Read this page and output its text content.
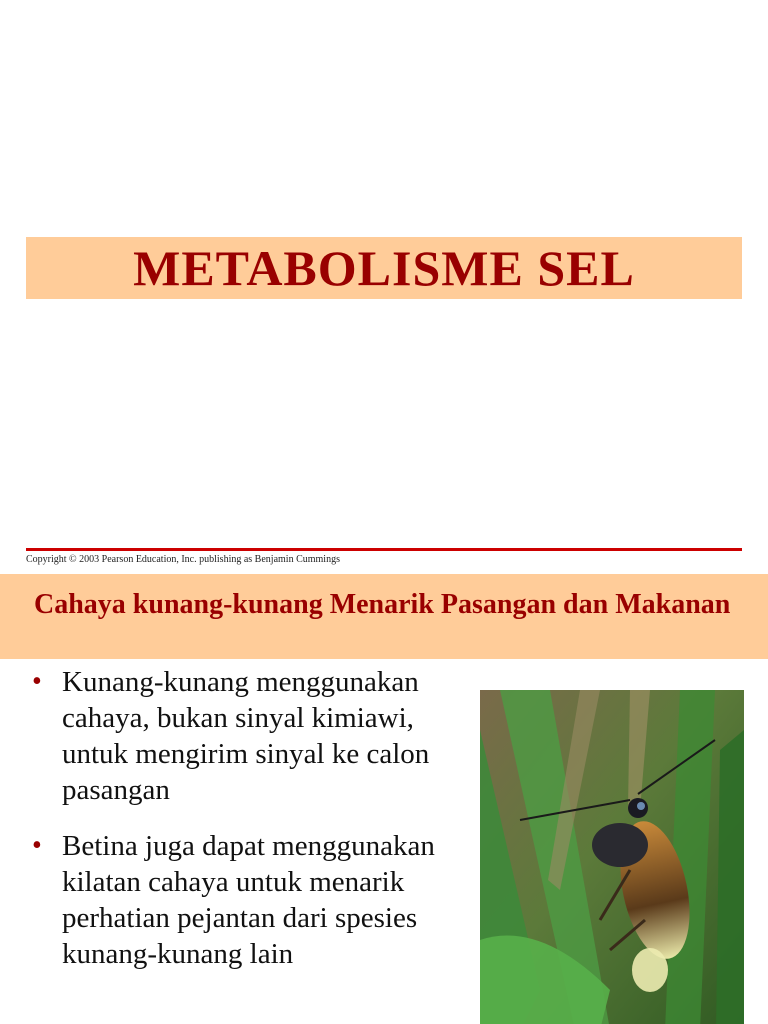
METABOLISME SEL
Copyright © 2003 Pearson Education, Inc. publishing as Benjamin Cummings
Cahaya kunang-kunang Menarik Pasangan dan Makanan
• Kunang-kunang menggunakan cahaya, bukan sinyal kimiawi, untuk mengirim sinyal ke calon pasangan
• Betina juga dapat menggunakan kilatan cahaya untuk menarik perhatian pejantan dari spesies kunang-kunang lain
